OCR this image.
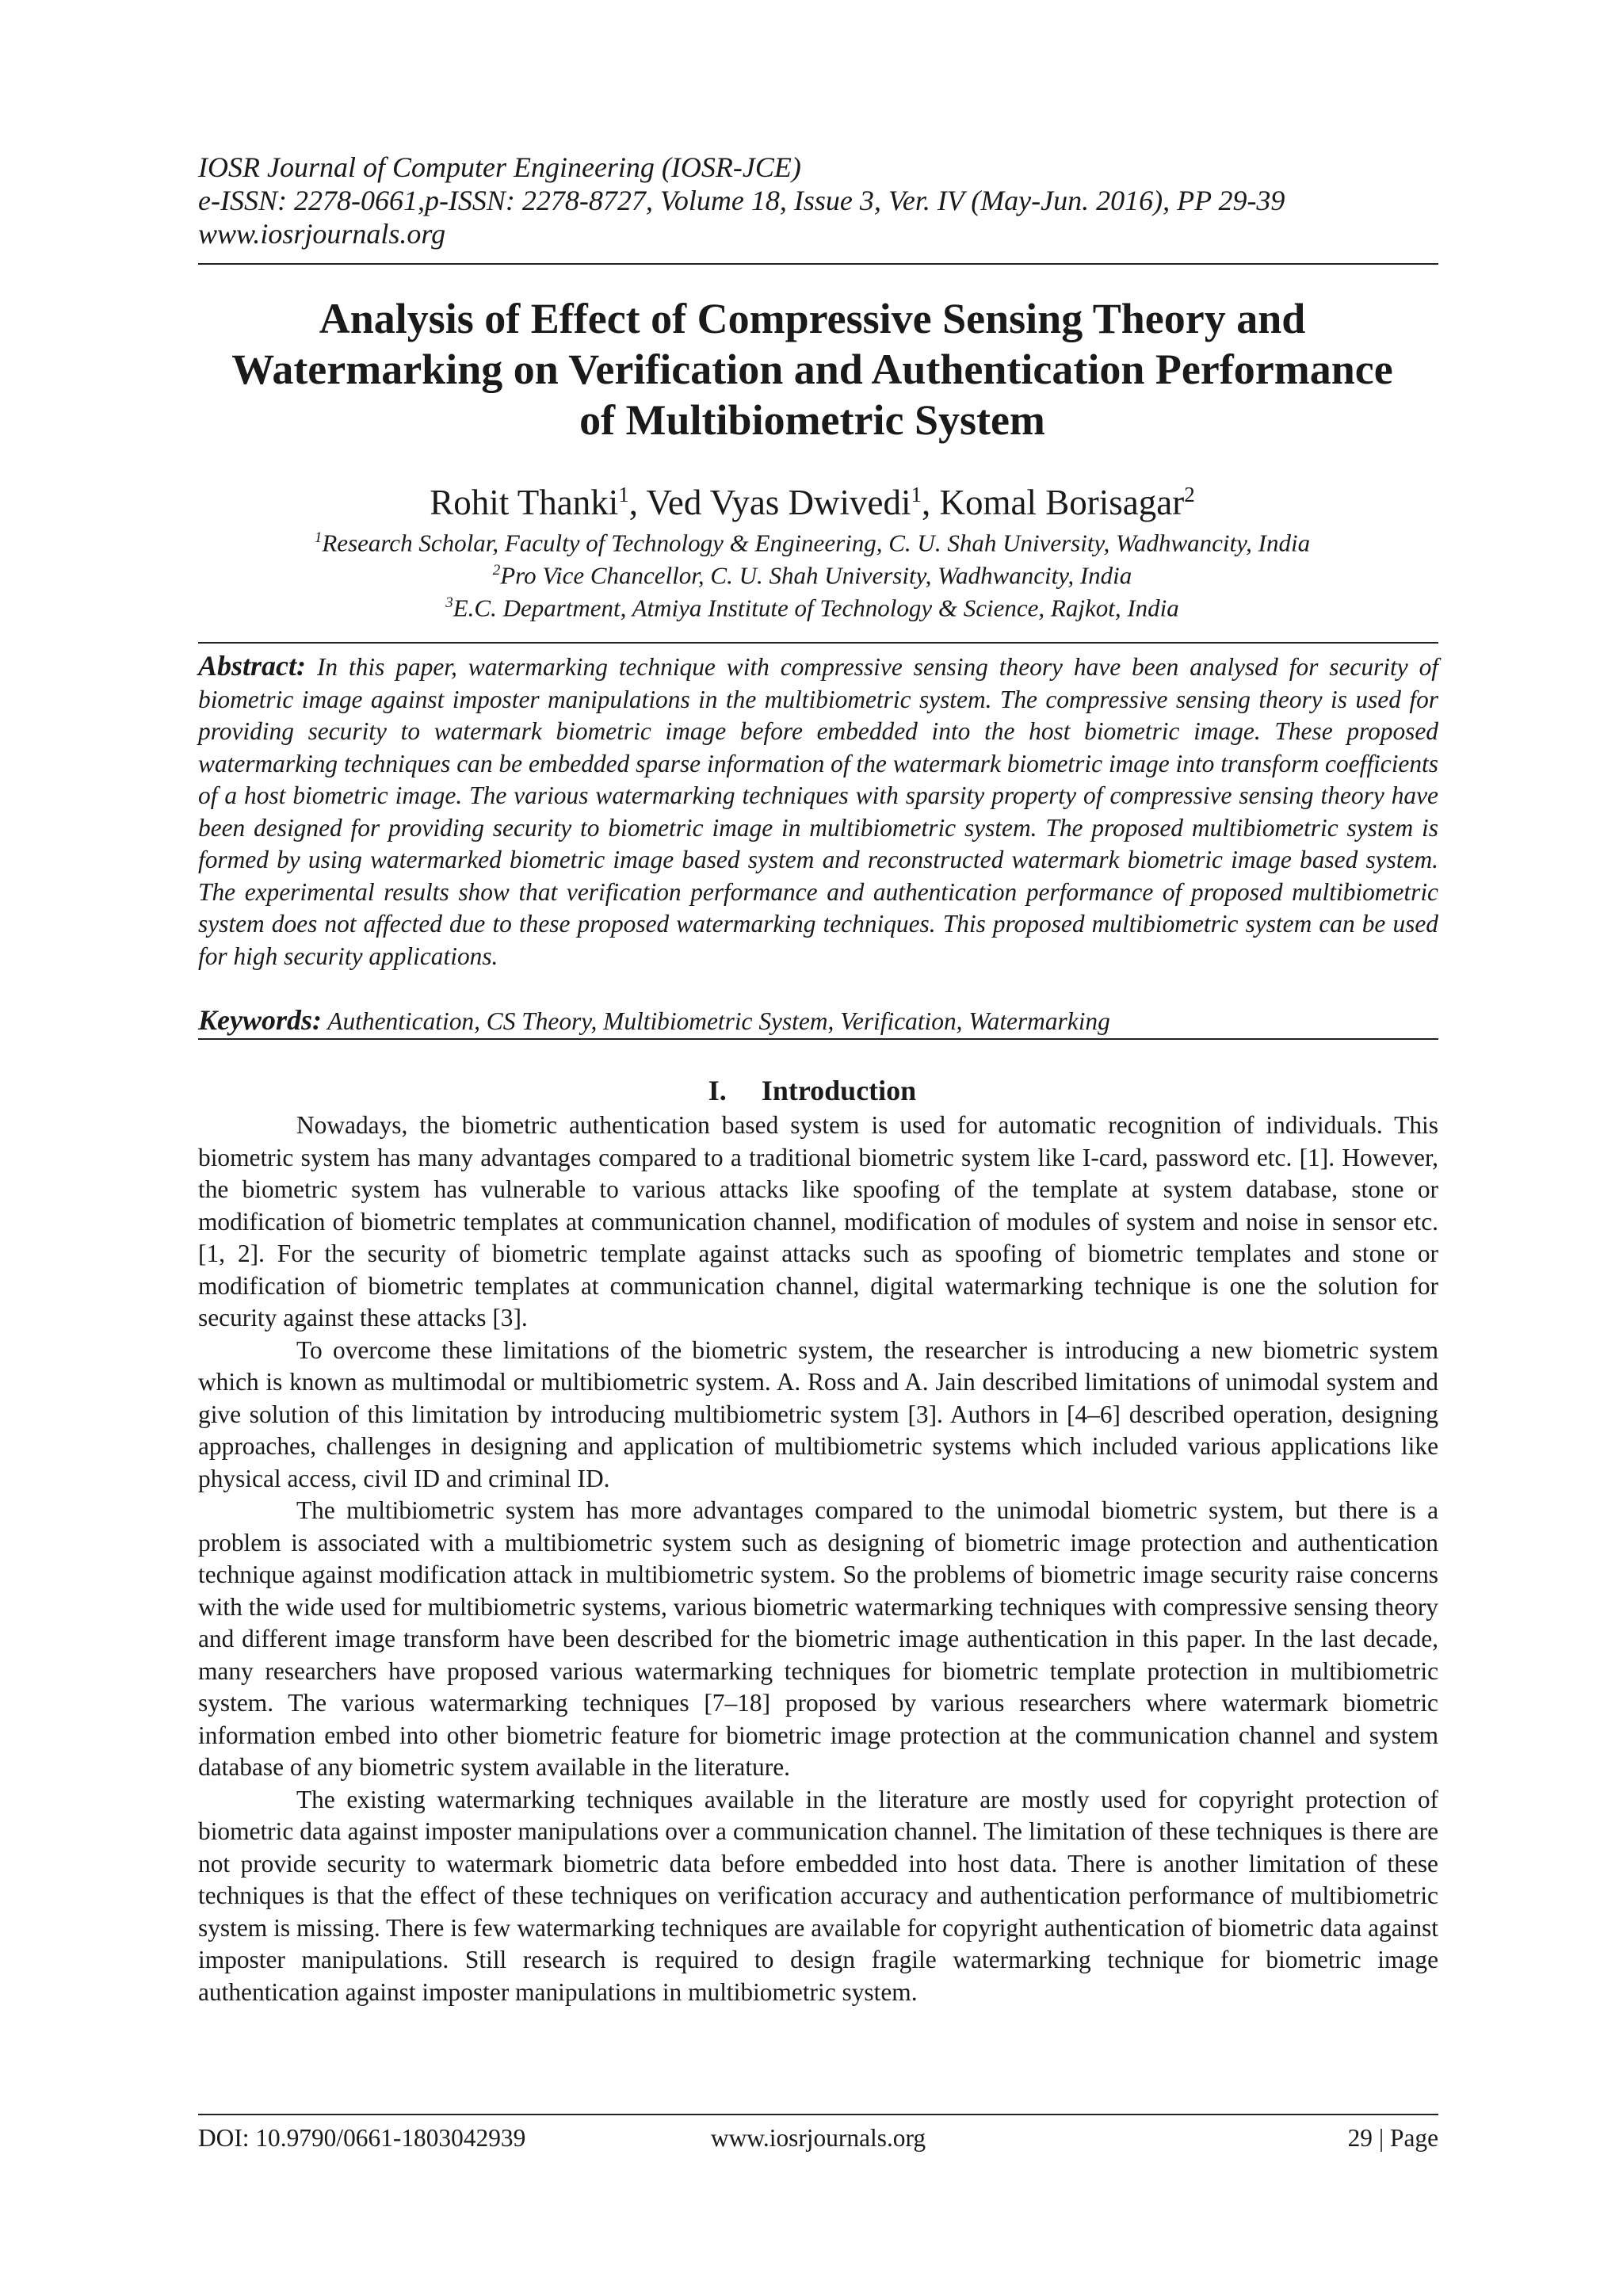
IOSR Journal of Computer Engineering (IOSR-JCE)

e-ISSN: 2278-0661,p-ISSN: 2278-8727, Volume 18, Issue 3, Ver. IV (May-Jun. 2016), PP 29-39

www.iosrjournals.org

Analysis of Effect of Compressive Sensing Theory and
Watermarking on Verification and Authentication Performance
of Multibiometric System
Rohit Thanki$^1$, Ved Vyas Dwivedi$^1$, Komal Borisagar$^2$
$^1$Research Scholar, Faculty of Technology & Engineering, C. U. Shah University, Wadhwancity, India
$^2$Pro Vice Chancellor, C. U. Shah University, Wadhwancity, India
$^3$E.C. Department, Atmiya Institute of Technology & Science, Rajkot, India

Abstract: In this paper, watermarking technique with compressive sensing theory have been analysed for security of biometric image against imposter manipulations in the multibiometric system. The compressive sensing theory is used for providing security to watermark biometric image before embedded into the host biometric image. These proposed watermarking techniques can be embedded sparse information of the watermark biometric image into transform coefficients of a host biometric image. The various watermarking techniques with sparsity property of compressive sensing theory have been designed for providing security to biometric image in multibiometric system. The proposed multibiometric system is formed by using watermarked biometric image based system and reconstructed watermark biometric image based system. The experimental results show that verification performance and authentication performance of proposed multibiometric system does not affected due to these proposed watermarking techniques. This proposed multibiometric system can be used for high security applications.

Keywords: Authentication, CS Theory, Multibiometric System, Verification, Watermarking
I. Introduction

Nowadays, the biometric authentication based system is used for automatic recognition of individuals. This biometric system has many advantages compared to a traditional biometric system like I-card, password etc. [1]. However, the biometric system has vulnerable to various attacks like spoofing of the template at system database, stone or modification of biometric templates at communication channel, modification of modules of system and noise in sensor etc. [1, 2]. For the security of biometric template against attacks such as spoofing of biometric templates and stone or modification of biometric templates at communication channel, digital watermarking technique is one the solution for security against these attacks [3].

To overcome these limitations of the biometric system, the researcher is introducing a new biometric system which is known as multimodal or multibiometric system. A. Ross and A. Jain described limitations of unimodal system and give solution of this limitation by introducing multibiometric system [3]. Authors in [4–6] described operation, designing approaches, challenges in designing and application of multibiometric systems which included various applications like physical access, civil ID and criminal ID.

The multibiometric system has more advantages compared to the unimodal biometric system, but there is a problem is associated with a multibiometric system such as designing of biometric image protection and authentication technique against modification attack in multibiometric system. So the problems of biometric image security raise concerns with the wide used for multibiometric systems, various biometric watermarking techniques with compressive sensing theory and different image transform have been described for the biometric image authentication in this paper. In the last decade, many researchers have proposed various watermarking techniques for biometric template protection in multibiometric system. The various watermarking techniques [7–18] proposed by various researchers where watermark biometric information embed into other biometric feature for biometric image protection at the communication channel and system database of any biometric system available in the literature.

The existing watermarking techniques available in the literature are mostly used for copyright protection of biometric data against imposter manipulations over a communication channel. The limitation of these techniques is there are not provide security to watermark biometric data before embedded into host data. There is another limitation of these techniques is that the effect of these techniques on verification accuracy and authentication performance of multibiometric system is missing. There is few watermarking techniques are available for copyright authentication of biometric data against imposter manipulations. Still research is required to design fragile watermarking technique for biometric image authentication against imposter manipulations in multibiometric system.

DOI: 10.9790/0661-1803042939	www.iosrjournals.org	29 | Page
